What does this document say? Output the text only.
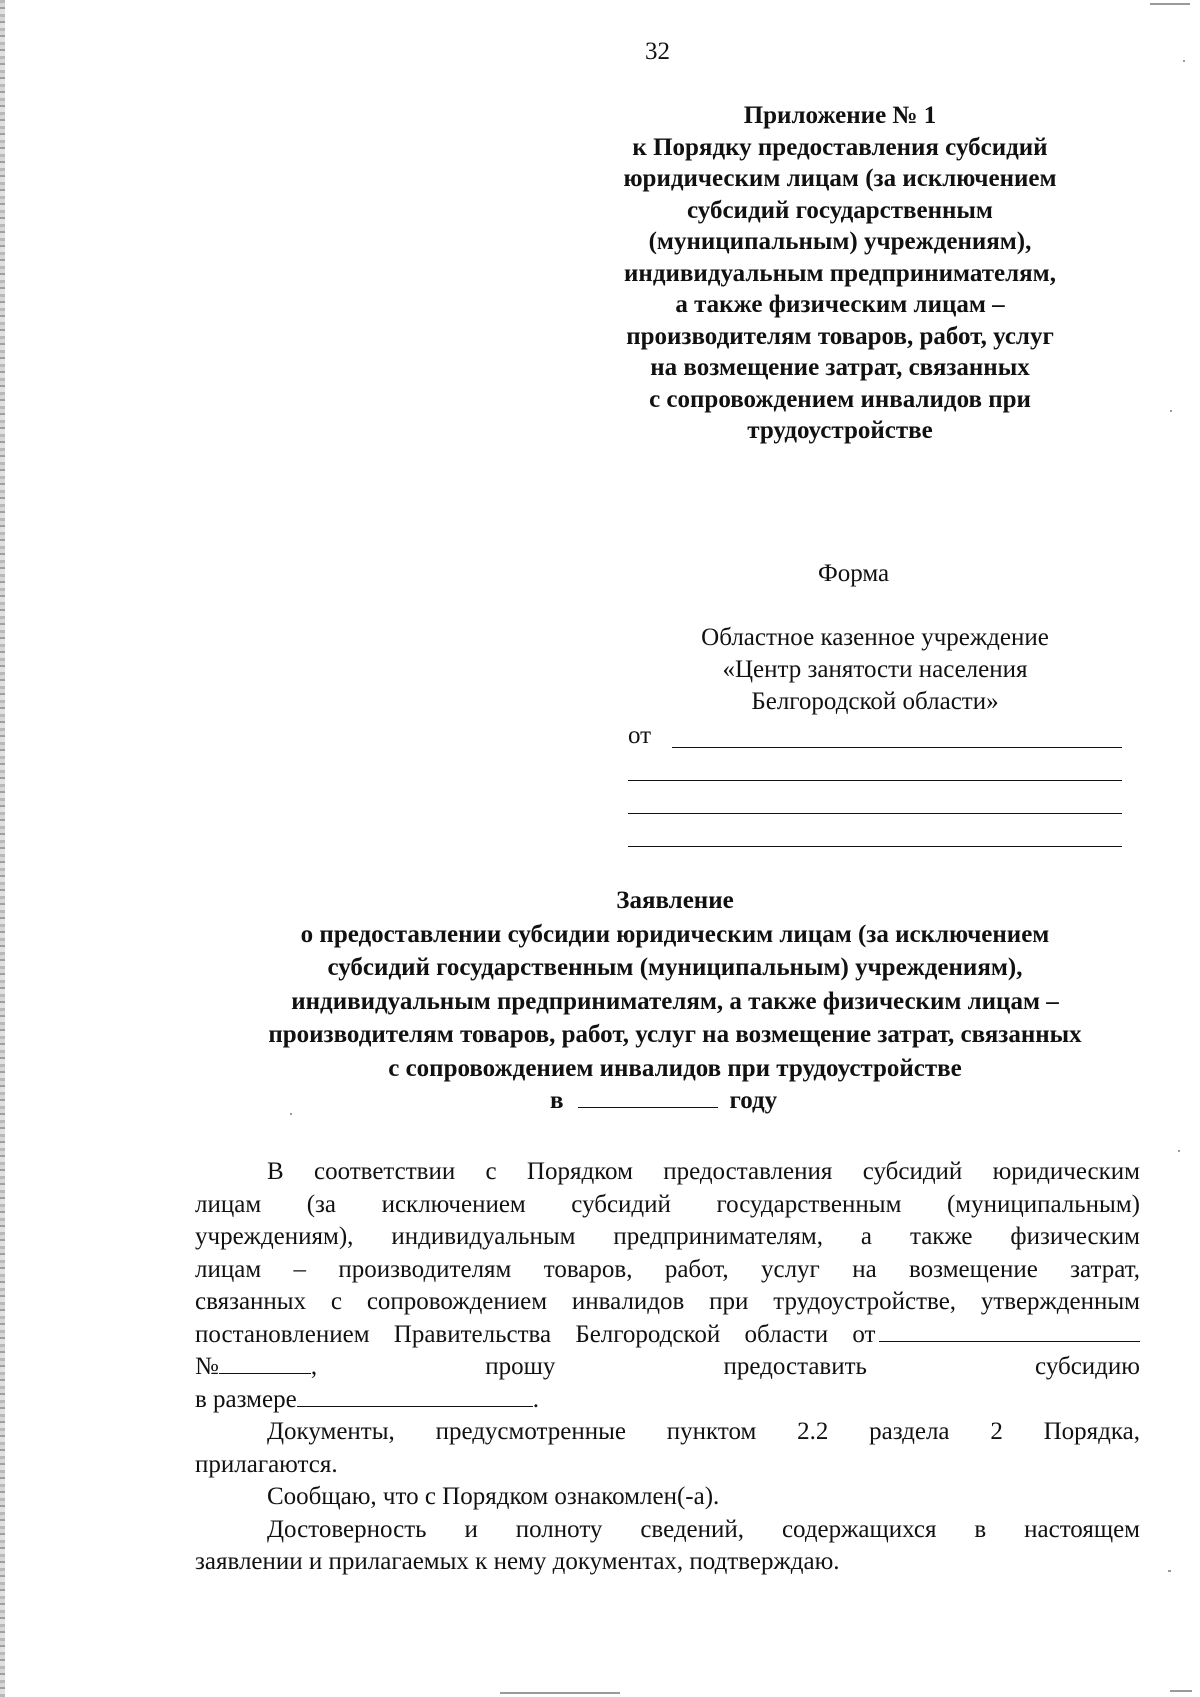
32
Приложение № 1
к Порядку предоставления субсидий
юридическим лицам (за исключением
субсидий государственным
(муниципальным) учреждениям),
индивидуальным предпринимателям,
а также физическим лицам –
производителям товаров, работ, услуг
на возмещение затрат, связанных
с сопровождением инвалидов при
трудоустройстве
Форма
Областное казенное учреждение
«Центр занятости населения
Белгородской области»
от
Заявление
о предоставлении субсидии юридическим лицам (за исключением
субсидий государственным (муниципальным) учреждениям),
индивидуальным предпринимателям, а также физическим лицам –
производителям товаров, работ, услуг на возмещение затрат, связанных
с сопровождением инвалидов при трудоустройстве
в	году
В соответствии с Порядком предоставления субсидий юридическим
лицам (за исключением субсидий государственным (муниципальным)
учреждениям), индивидуальным предпринимателям, а также физическим
лицам – производителям товаров, работ, услуг на возмещение затрат,
связанных с сопровождением инвалидов при трудоустройстве, утвержденным
постановлением Правительства Белгородской области от
№	,	прошу	предоставить	субсидию
в размере	.
Документы, предусмотренные пунктом 2.2 раздела 2 Порядка,
прилагаются.
Сообщаю, что с Порядком ознакомлен(-а).
Достоверность и полноту сведений, содержащихся в настоящем
заявлении и прилагаемых к нему документах, подтверждаю.
